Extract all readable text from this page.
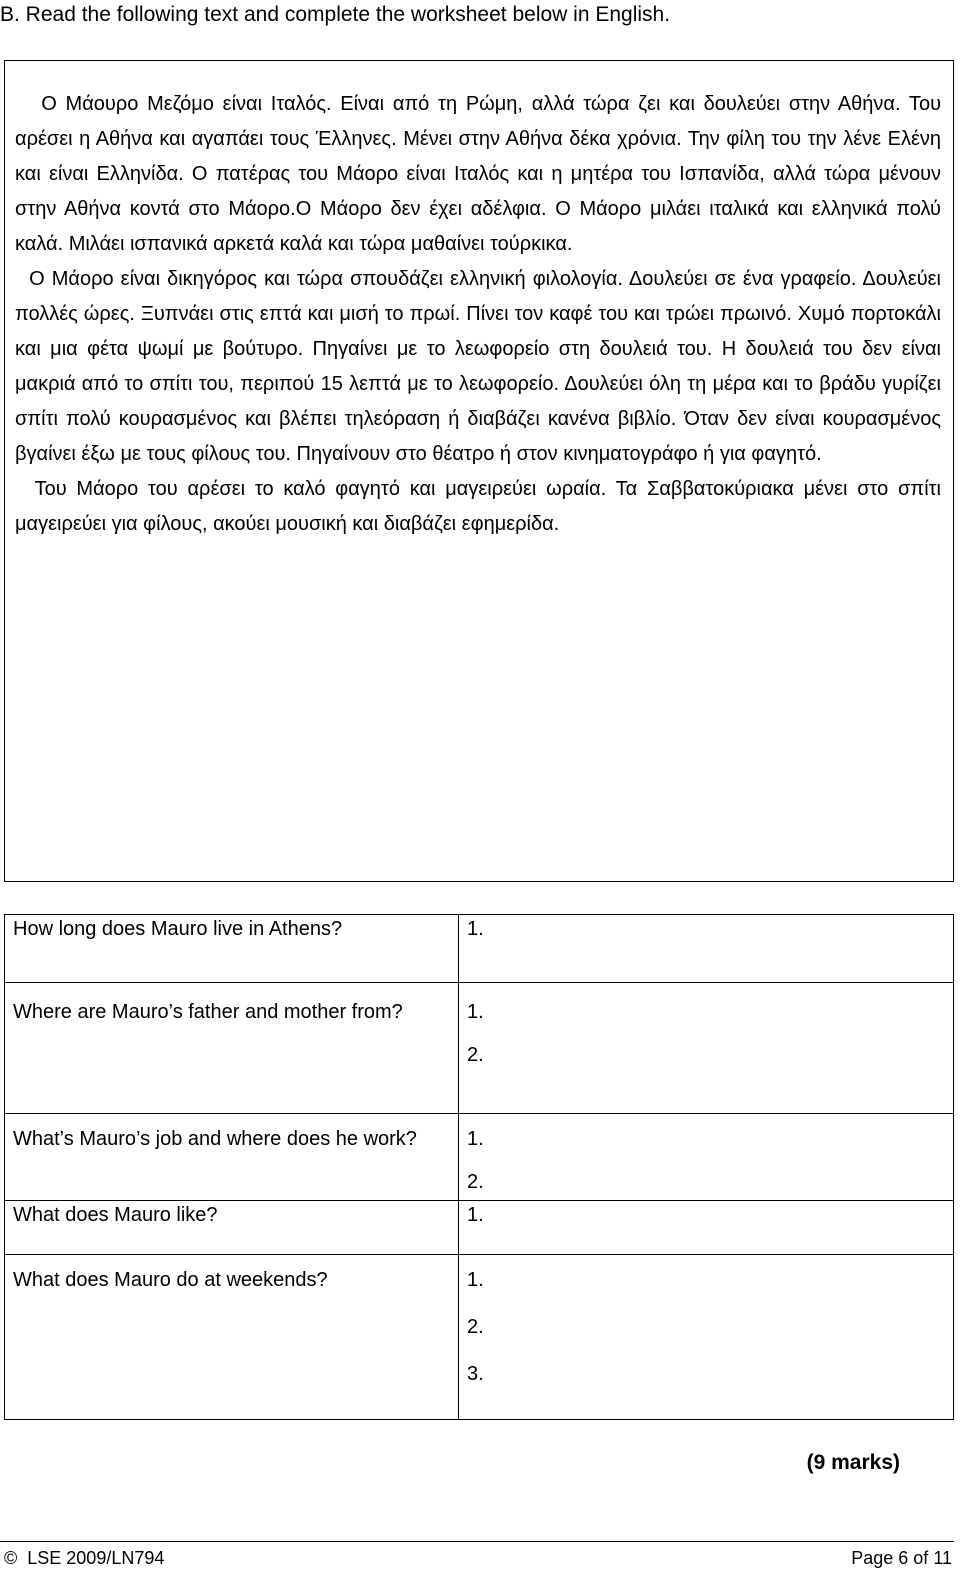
B. Read the following text and complete the worksheet below in English.

Ο Μάουρο Μεζόμο είναι Ιταλός. Είναι από τη Ρώμη, αλλά τώρα ζει και δουλεύει στην Αθήνα. Του αρέσει η Αθήνα και αγαπάει τους Έλληνες. Μένει στην Αθήνα δέκα χρόνια. Την φίλη του την λένε Ελένη και είναι Ελληνίδα. Ο πατέρας του Μάορο είναι Ιταλός και η μητέρα του Ισπανίδα, αλλά τώρα μένουν στην Αθήνα κοντά στο Μάορο.Ο Μάορο δεν έχει αδέλφια. Ο Μάορο μιλάει ιταλικά και ελληνικά πολύ καλά. Μιλάει ισπανικά αρκετά καλά και τώρα μαθαίνει τούρκικα.
Ο Μάορο είναι δικηγόρος και τώρα σπουδάζει ελληνική φιλολογία. Δουλεύει σε ένα γραφείο. Δουλεύει πολλές ώρες. Ξυπνάει στις επτά και μισή το πρωί. Πίνει τον καφέ του και τρώει πρωινό. Χυμό πορτοκάλι και μια φέτα ψωμί με βούτυρο. Πηγαίνει με το λεωφορείο στη δουλειά του. Η δουλειά του δεν είναι μακριά από το σπίτι του, περιπού 15 λεπτά με το λεωφορείο. Δουλεύει όλη τη μέρα και το βράδυ γυρίζει σπίτι πολύ κουρασμένος και βλέπει τηλεόραση ή διαβάζει κανένα βιβλίο. Όταν δεν είναι κουρασμένος βγαίνει έξω με τους φίλους του. Πηγαίνουν στο θέατρο ή στον κινηματογράφο ή για φαγητό.
Του Μάορο του αρέσει το καλό φαγητό και μαγειρεύει ωραία. Τα Σαββατοκύριακα μένει στο σπίτι μαγειρεύει για φίλους, ακούει μουσική και διαβάζει εφημερίδα.

How long does Mauro live in Athens?	1.

Where are Mauro’s father and mother from?	1.
2.

What’s Mauro’s job and where does he work?	1.
2.

What does Mauro like?	1.

What does Mauro do at weekends?	1.
2.
3.
(9 marks)
© LSE 2009/LN794	Page 6 of 11
